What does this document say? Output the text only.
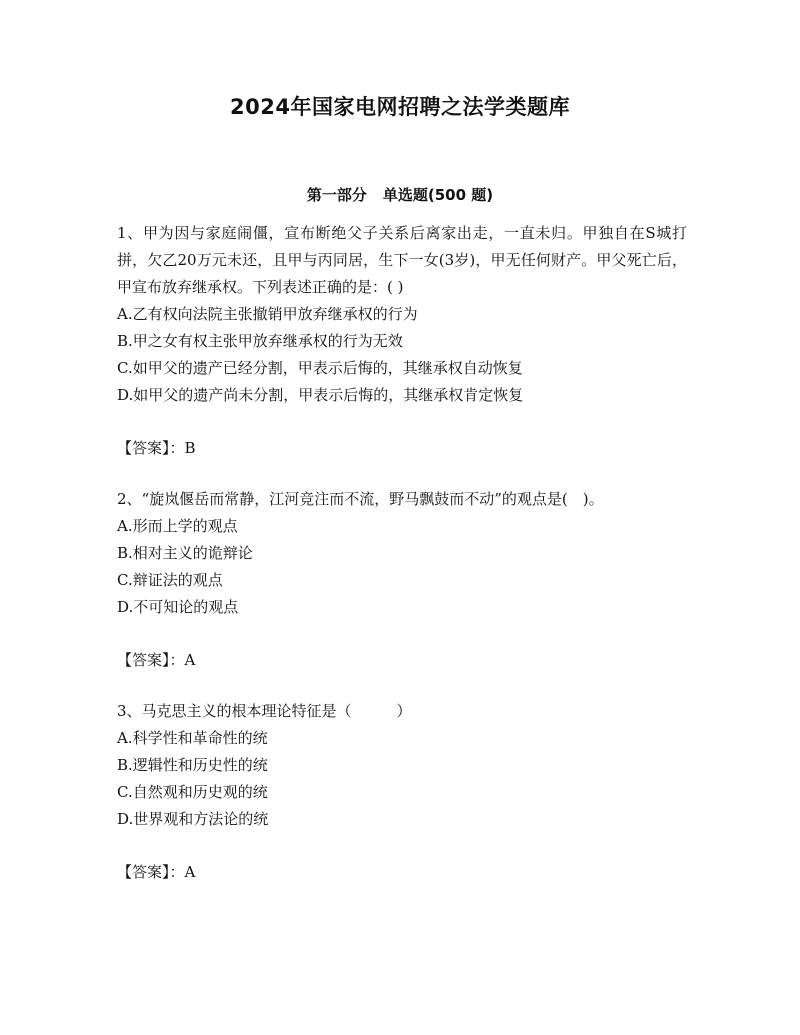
2024年国家电网招聘之法学类题库
第一部分 单选题(500 题)

1、甲为因与家庭闹僵，宣布断绝父子关系后离家出走，一直未归。甲独自在S城打拼，欠乙20万元未还，且甲与丙同居，生下一女(3岁)，甲无任何财产。甲父死亡后，甲宣布放弃继承权。下列表述正确的是：( )

A.乙有权向法院主张撤销甲放弃继承权的行为
B.甲之女有权主张甲放弃继承权的行为无效
C.如甲父的遗产已经分割，甲表示后悔的，其继承权自动恢复
D.如甲父的遗产尚未分割，甲表示后悔的，其继承权肯定恢复
【答案】：B

2、“旋岚偃岳而常静，江河竞注而不流，野马飘鼓而不动”的观点是(　)。

A.形而上学的观点
B.相对主义的诡辩论
C.辩证法的观点
D.不可知论的观点
【答案】：A

3、马克思主义的根本理论特征是（　　　）

A.科学性和革命性的统
B.逻辑性和历史性的统
C.自然观和历史观的统
D.世界观和方法论的统
【答案】：A
